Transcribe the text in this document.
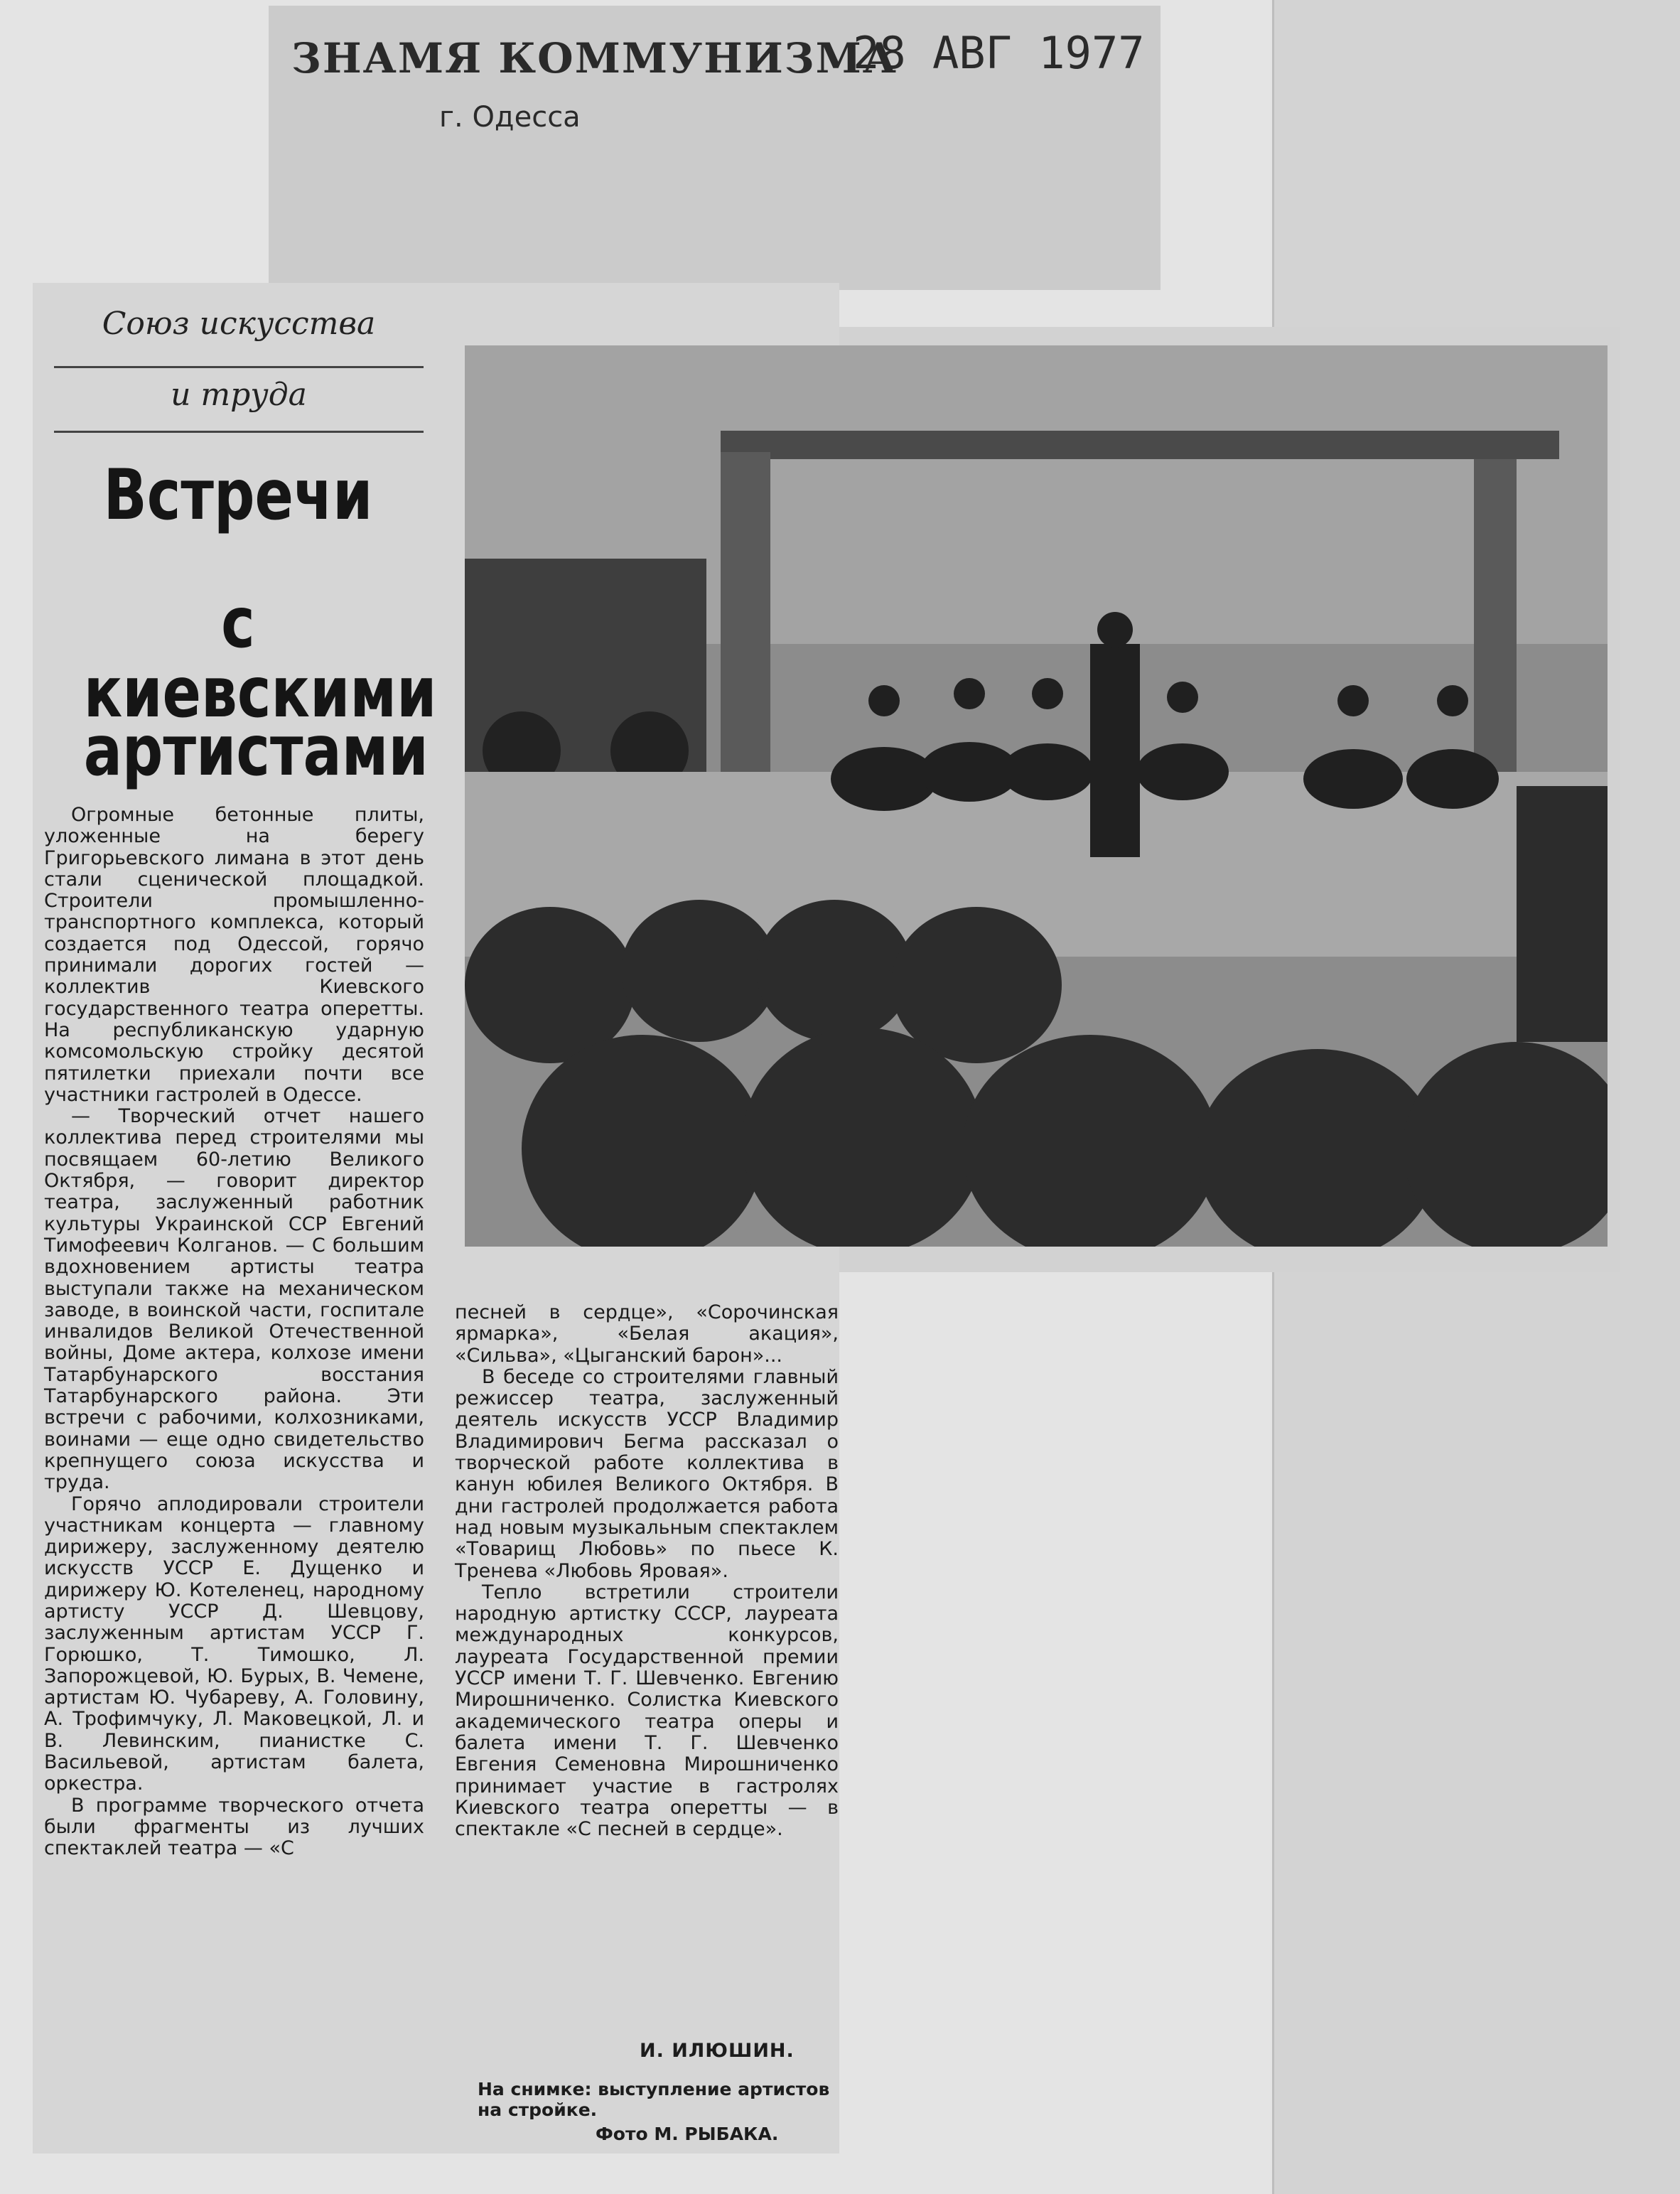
ЗНАМЯ КОММУНИЗМА
28 АВГ 1977
г. Одесса
Союз искусства
и труда
Встречи
с киевскими
артистами

Огромные бетонные плиты, уложенные на берегу Григорьевского лимана в этот день стали сценической площадкой. Строители промышленно-транспортного комплекса, который создается под Одессой, горячо принимали дорогих гостей — коллектив Киевского государственного театра оперетты. На республиканскую ударную комсомольскую стройку десятой пятилетки приехали почти все участники гастролей в Одессе.

— Творческий отчет нашего коллектива перед строителями мы посвящаем 60-летию Великого Октября, — говорит директор театра, заслуженный работник культуры Украинской ССР Евгений Тимофеевич Колганов. — С большим вдохновением артисты театра выступали также на механическом заводе, в воинской части, госпитале инвалидов Великой Отечественной войны, Доме актера, колхозе имени Татарбунарского восстания Татарбунарского района. Эти встречи с рабочими, колхозниками, воинами — еще одно свидетельство крепнущего союза искусства и труда.

Горячо аплодировали строители участникам концерта — главному дирижеру, заслуженному деятелю искусств УССР Е. Дущенко и дирижеру Ю. Котеленец, народному артисту УССР Д. Шевцову, заслуженным артистам УССР Г. Горюшко, Т. Тимошко, Л. Запорожцевой, Ю. Бурых, В. Чемене, артистам Ю. Чубареву, А. Головину, А. Трофимчуку, Л. Маковецкой, Л. и В. Левинским, пианистке С. Васильевой, артистам балета, оркестра.

В программе творческого отчета были фрагменты из лучших спектаклей театра — «С

песней в сердце», «Сорочинская ярмарка», «Белая акация», «Сильва», «Цыганский барон»...

В беседе со строителями главный режиссер театра, заслуженный деятель искусств УССР Владимир Владимирович Бегма рассказал о творческой работе коллектива в канун юбилея Великого Октября. В дни гастролей продолжается работа над новым музыкальным спектаклем «Товарищ Любовь» по пьесе К. Тренева «Любовь Яровая».

Тепло встретили строители народную артистку СССР, лауреата международных конкурсов, лауреата Государственной премии УССР имени Т. Г. Шевченко. Евгению Мирошниченко. Солистка Киевского академического театра оперы и балета имени Т. Г. Шевченко Евгения Семеновна Мирошниченко принимает участие в гастролях Киевского театра оперетты — в спектакле «С песней в сердце».

И. ИЛЮШИН.
На снимке: выступление артистов на стройке.
Фото М. РЫБАКА.
